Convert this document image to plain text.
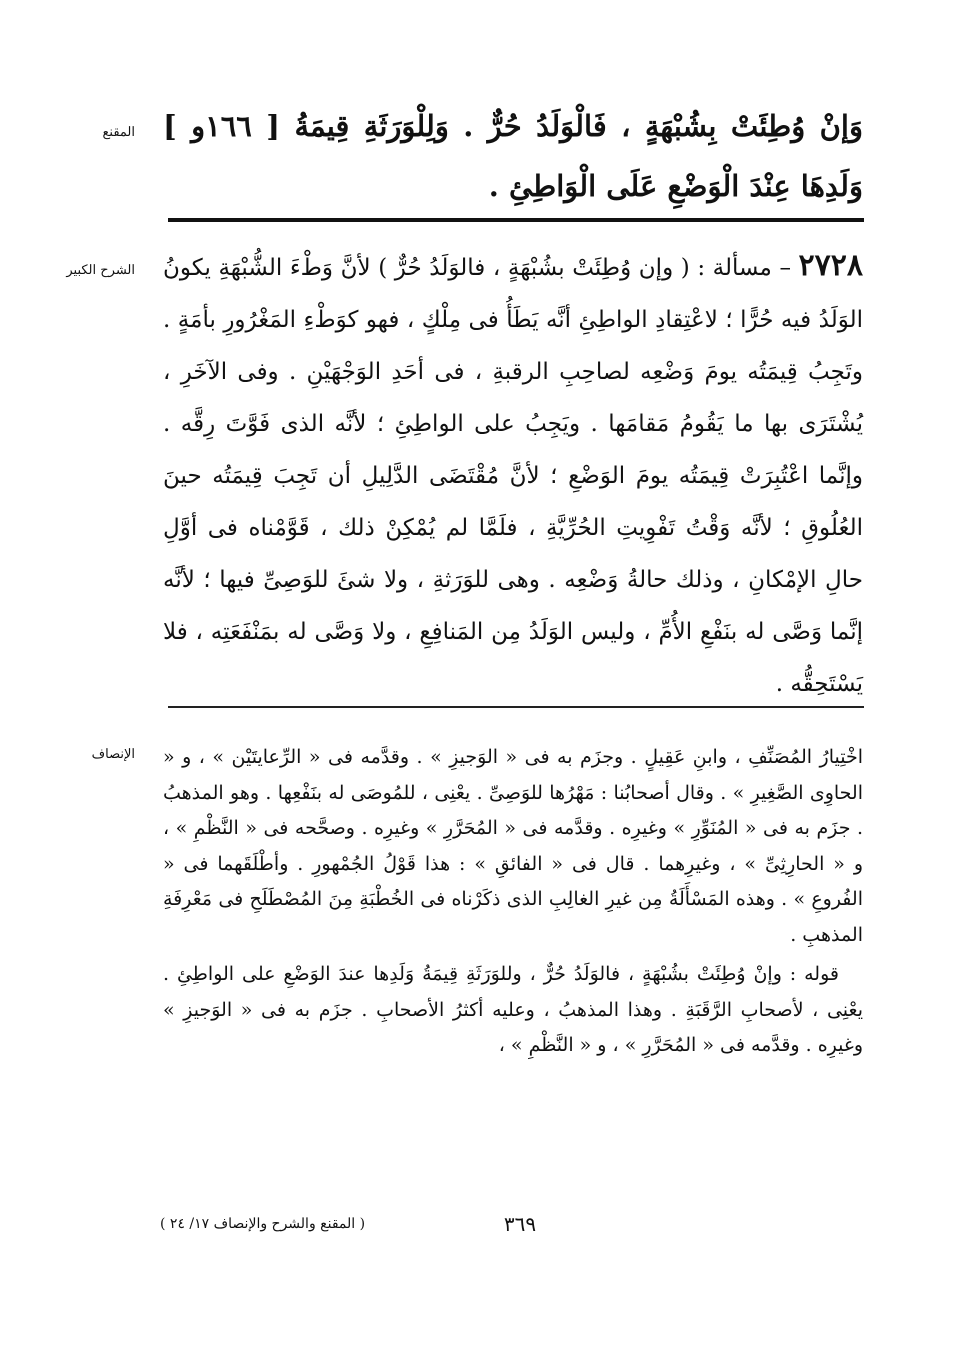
المقنع
الشرح الكبير
الإنصاف

وَإنْ وُطِئَتْ بِشُبْهَةٍ ، فَالْوَلَدُ حُرٌّ . وَلِلْوَرَثَةِ قِيمَةُ [ ١٦٦و ] وَلَدِهَا عِنْدَ الْوَضْعِ عَلَى الْوَاطِئِ .

٢٧٢٨ – مسألة : ( وإن وُطِئَتْ بشُبْهَةٍ ، فالوَلَدُ حُرٌّ ) لأنَّ وَطْءَ الشُّبْهَةِ يكونُ الوَلَدُ فيه حُرًّا ؛ لاعْتِقادِ الواطِئِ أنَّه يَطَأُ فى مِلْكٍ ، فهو كوَطْءِ المَغْرُورِ بأمَةٍ . وتَجِبُ قِيمَتُه يومَ وَضْعِه لصاحِبِ الرقبةِ ، فى أحَدِ الوَجْهَيْنِ . وفى الآخَرِ ، يُشْتَرَى بها ما يَقُومُ مَقامَها . ويَجِبُ على الواطِئِ ؛ لأنَّه الذى فَوَّتَ رِقَّه . وإنَّما اعْتُبِرَتْ قِيمَتُه يومَ الوَضْعِ ؛ لأنَّ مُقْتَضَى الدَّلِيلِ أن تَجِبَ قِيمَتُه حينَ العُلُوقِ ؛ لأنَّه وَقْتُ تَفْوِيتِ الحُرِّيَّةِ ، فلَمَّا لم يُمْكِنْ ذلك ، قَوَّمْناه فى أوَّلِ حالِ الإمْكانِ ، وذلك حالةُ وَضْعِه . وهى للوَرَثةِ ، ولا شئَ للوَصِىِّ فيها ؛ لأنَّه إنَّما وَصَّى له بنَفْعِ الأُمِّ ، وليس الوَلَدُ مِن المَنافِعِ ، ولا وَصَّى له بمَنْفَعَتِه ، فلا يَسْتَحِقُّه .

اخْتِيارُ المُصَنِّفِ ، وابنِ عَقِيلٍ . وجزَم به فى « الوَجيزِ » . وقدَّمه فى « الرِّعايتَيْن » ، و « الحاوِى الصَّغِيرِ » . وقال أصحابُنا : مَهْرُها للوَصِىِّ . يعْنِى ، للمُوصَى له بنَفْعِها . وهو المذهبُ . جزَم به فى « المُنَوِّرِ » وغيرِه . وقدَّمه فى « المُحَرَّرِ » وغيرِه . وصحَّحه فى « النَّظْمِ » ، و « الحارِثِىِّ » ، وغيرِهما . قال فى « الفائقِ » : هذا قَوْلُ الجُمْهورِ . وأطْلَقَهما فى « الفُروعِ » . وهذه المَسْأَلَةُ مِن غيرِ الغالِبِ الذى ذكَرْناه فى الخُطْبَةِ مِنَ المُصْطَلَحِ فى مَعْرِفَةِ المذهبِ .

قوله : وإنْ وُطِئَتْ بشُبْهَةٍ ، فالوَلَدُ حُرٌّ ، وللوَرَثَةِ قِيمَةُ وَلَدِها عندَ الوَضْعِ على الواطِئِ . يعْنِى ، لأصحابِ الرَّقَبَةِ . وهذا المذهبُ ، وعليه أكثرُ الأصحابِ . جزَم به فى « الوَجيزِ » وغيرِه . وقدَّمه فى « المُحَرَّرِ » ، و « النَّظْمِ » ،

٣٦٩
( المقنع والشرح والإنصاف ١٧/ ٢٤ )
